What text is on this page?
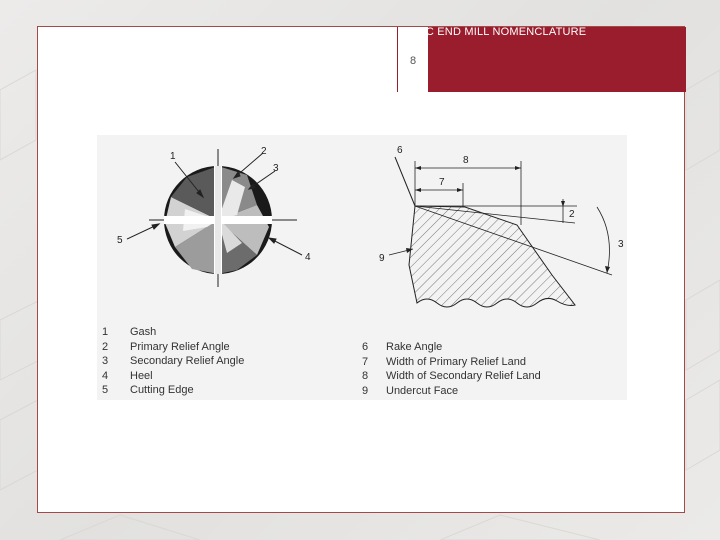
8
BASIC END MILL NOMENCLATURE
1	2
3
4
5
6
8
7
2
3
9
1	Gash
2	Primary Relief Angle
3	Secondary Relief Angle
4	Heel
5	Cutting Edge
6	Rake Angle
7	Width of Primary Relief Land
8	Width of Secondary Relief Land
9	Undercut Face
